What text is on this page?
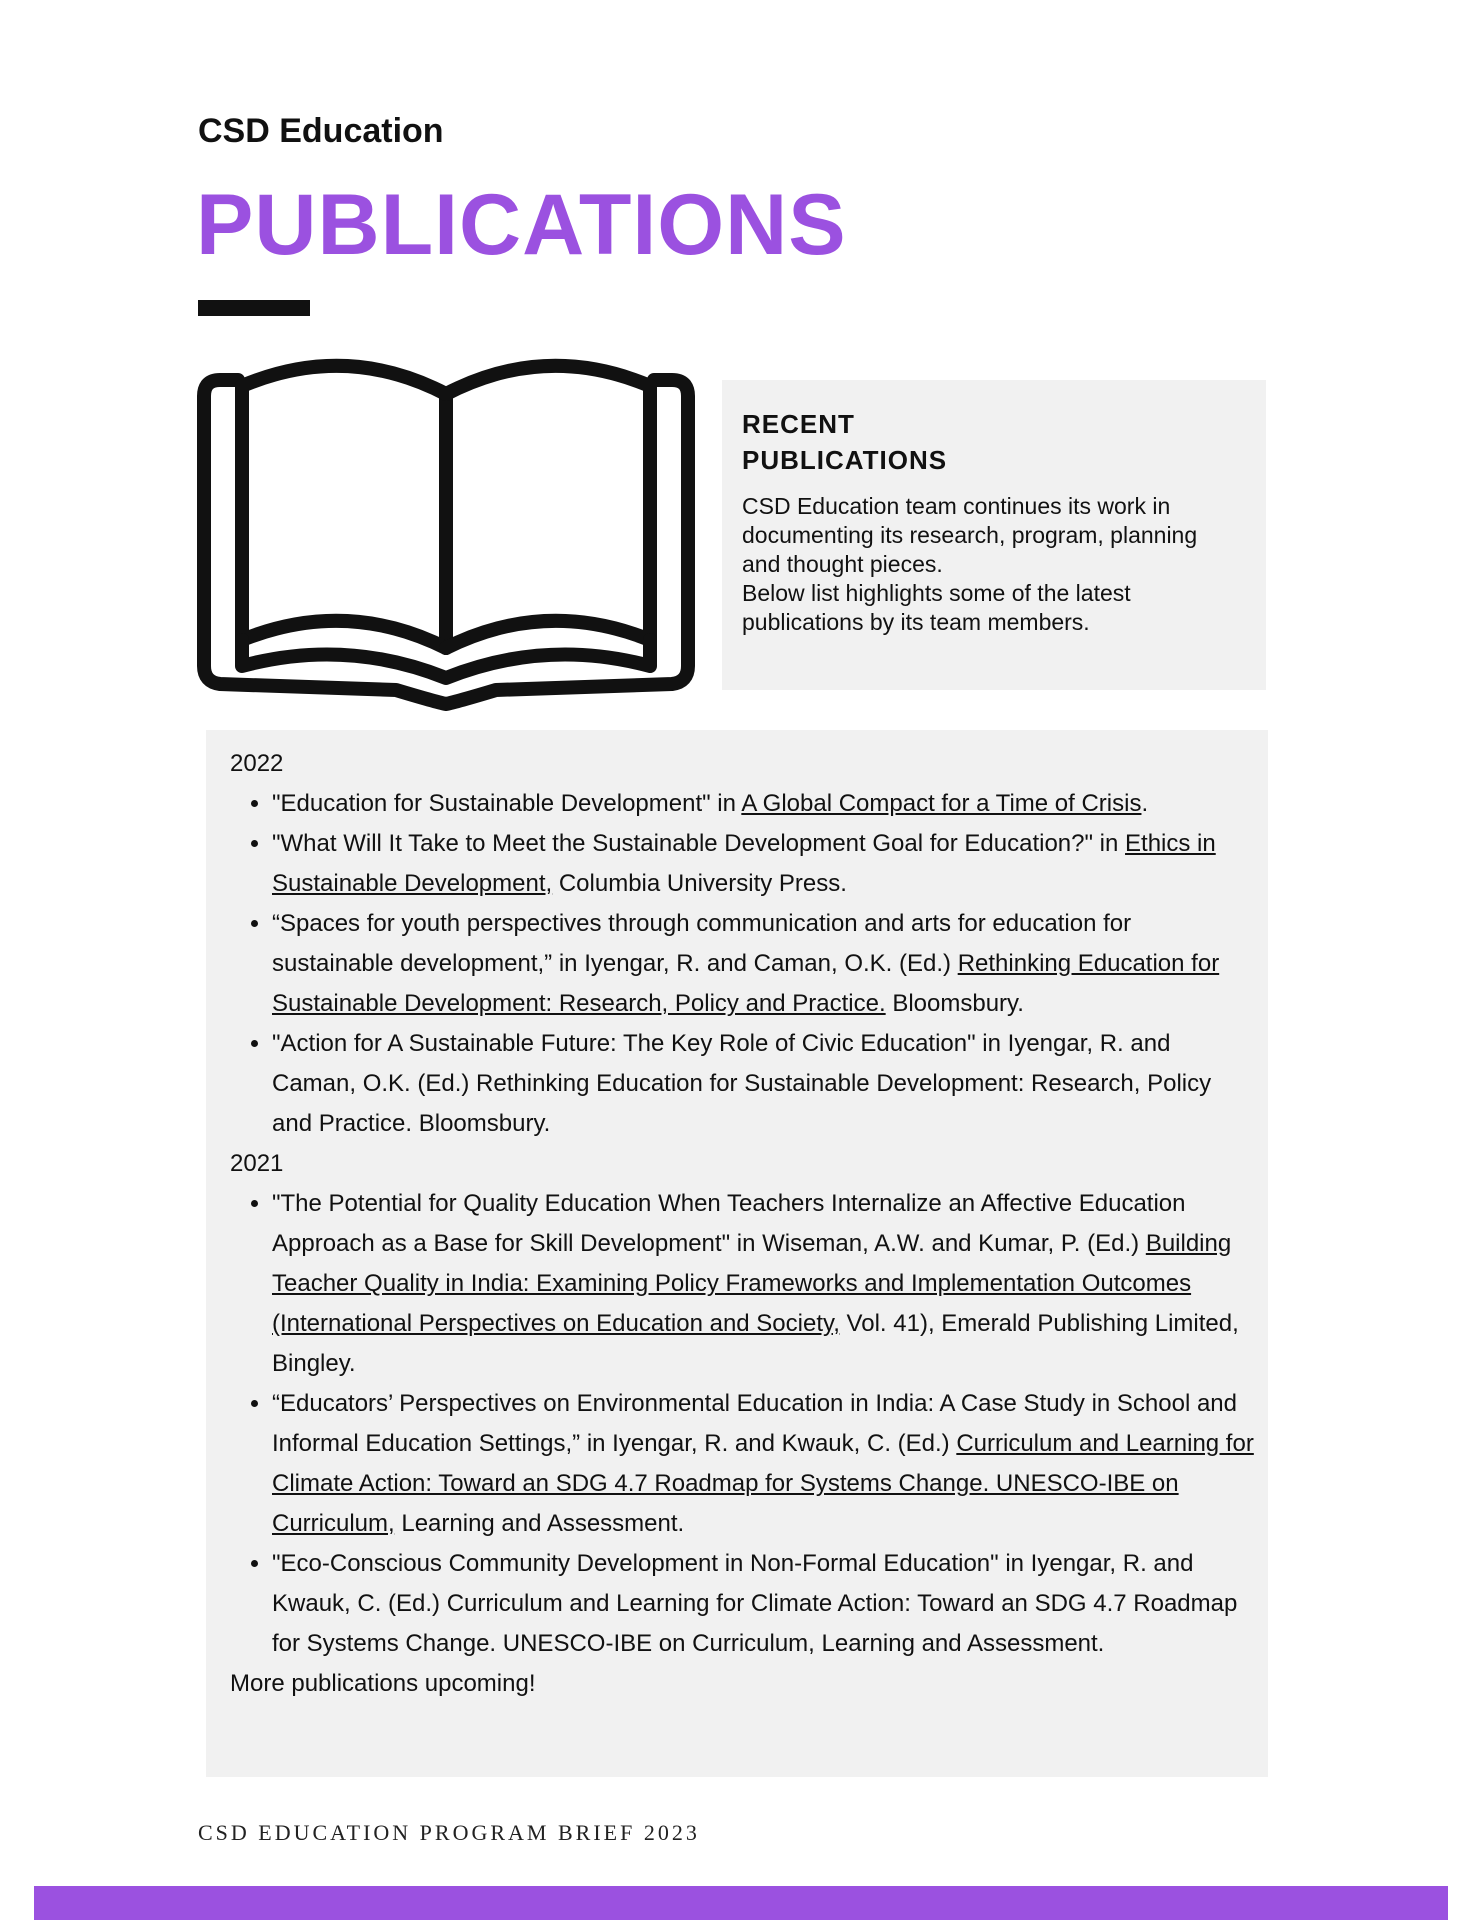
CSD Education
PUBLICATIONS
RECENT PUBLICATIONS
CSD Education team continues its work in documenting its research, program, planning and thought pieces.
Below list highlights some of the latest publications by its team members.
2022
• "Education for Sustainable Development" in A Global Compact for a Time of Crisis.
• "What Will It Take to Meet the Sustainable Development Goal for Education?" in Ethics in Sustainable Development, Columbia University Press.
• “Spaces for youth perspectives through communication and arts for education for sustainable development,” in Iyengar, R. and Caman, O.K. (Ed.) Rethinking Education for Sustainable Development: Research, Policy and Practice. Bloomsbury.
• "Action for A Sustainable Future: The Key Role of Civic Education" in Iyengar, R. and Caman, O.K. (Ed.) Rethinking Education for Sustainable Development: Research, Policy and Practice. Bloomsbury.
2021
• "The Potential for Quality Education When Teachers Internalize an Affective Education Approach as a Base for Skill Development" in Wiseman, A.W. and Kumar, P. (Ed.) Building Teacher Quality in India: Examining Policy Frameworks and Implementation Outcomes (International Perspectives on Education and Society, Vol. 41), Emerald Publishing Limited, Bingley.
• “Educators’ Perspectives on Environmental Education in India: A Case Study in School and Informal Education Settings,” in Iyengar, R. and Kwauk, C. (Ed.) Curriculum and Learning for Climate Action: Toward an SDG 4.7 Roadmap for Systems Change. UNESCO-IBE on Curriculum, Learning and Assessment.
• "Eco-Conscious Community Development in Non-Formal Education" in Iyengar, R. and Kwauk, C. (Ed.) Curriculum and Learning for Climate Action: Toward an SDG 4.7 Roadmap for Systems Change. UNESCO-IBE on Curriculum, Learning and Assessment.
More publications upcoming!
CSD EDUCATION PROGRAM BRIEF 2023
